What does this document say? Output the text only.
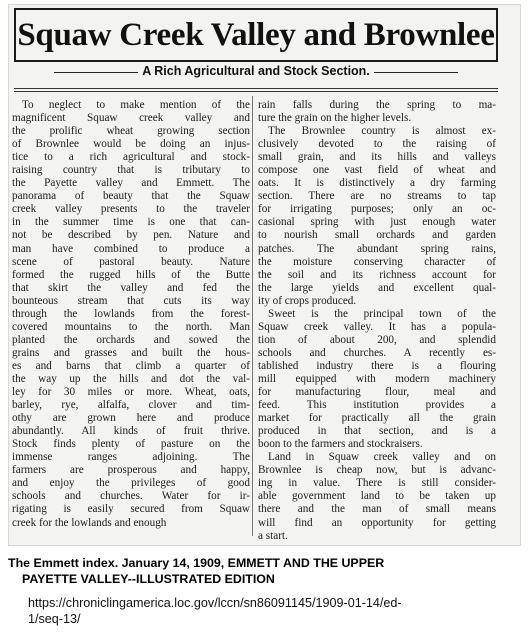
Squaw Creek Valley and Brownlee
A Rich Agricultural and Stock Section.
To neglect to make mention of the
magnificent Squaw creek valley and
the prolific wheat growing section
of Brownlee would be doing an injus-
tice to a rich agricultural and stock-
raising country that is tributary to
the Payette valley and Emmett. The
panorama of beauty that the Squaw
creek valley presents to the traveler
in the summer time is one that can-
not be described by pen. Nature and
man have combined to produce a
scene of pastoral beauty. Nature
formed the rugged hills of the Butte
that skirt the valley and fed the
bounteous stream that cuts its way
through the lowlands from the forest-
covered mountains to the north. Man
planted the orchards and sowed the
grains and grasses and built the hous-
es and barns that climb a quarter of
the way up the hills and dot the val-
ley for 30 miles or more. Wheat, oats,
barley, rye, alfalfa, clover and tim-
othy are grown here and produce
abundantly. All kinds of fruit thrive.
Stock finds plenty of pasture on the
immense ranges adjoining. The
farmers are prosperous and happy,
and enjoy the privileges of good
schools and churches. Water for ir-
rigating is easily secured from Squaw
creek for the lowlands and enough
rain falls during the spring to ma-
ture the grain on the higher levels.
The Brownlee country is almost ex-
clusively devoted to the raising of
small grain, and its hills and valleys
compose one vast field of wheat and
oats. It is distinctively a dry farming
section. There are no streams to tap
for irrigating purposes; only an oc-
casional spring with just enough water
to nourish small orchards and garden
patches. The abundant spring rains,
the moisture conserving character of
the soil and its richness account for
the large yields and excellent qual-
ity of crops produced.
Sweet is the principal town of the
Squaw creek valley. It has a popula-
tion of about 200, and splendid
schools and churches. A recently es-
tablished industry there is a flouring
mill equipped with modern machinery
for manufacturing flour, meal and
feed. This institution provides a
market for practically all the grain
produced in that section, and is a
boon to the farmers and stockraisers.
Land in Squaw creek valley and on
Brownlee is cheap now, but is advanc-
ing in value. There is still consider-
able government land to be taken up
there and the man of small means
will find an opportunity for getting
a start.
The Emmett index. January 14, 1909, EMMETT AND THE UPPER
PAYETTE VALLEY--ILLUSTRATED EDITION
https://chroniclingamerica.loc.gov/lccn/sn86091145/1909-01-14/ed-
1/seq-13/
